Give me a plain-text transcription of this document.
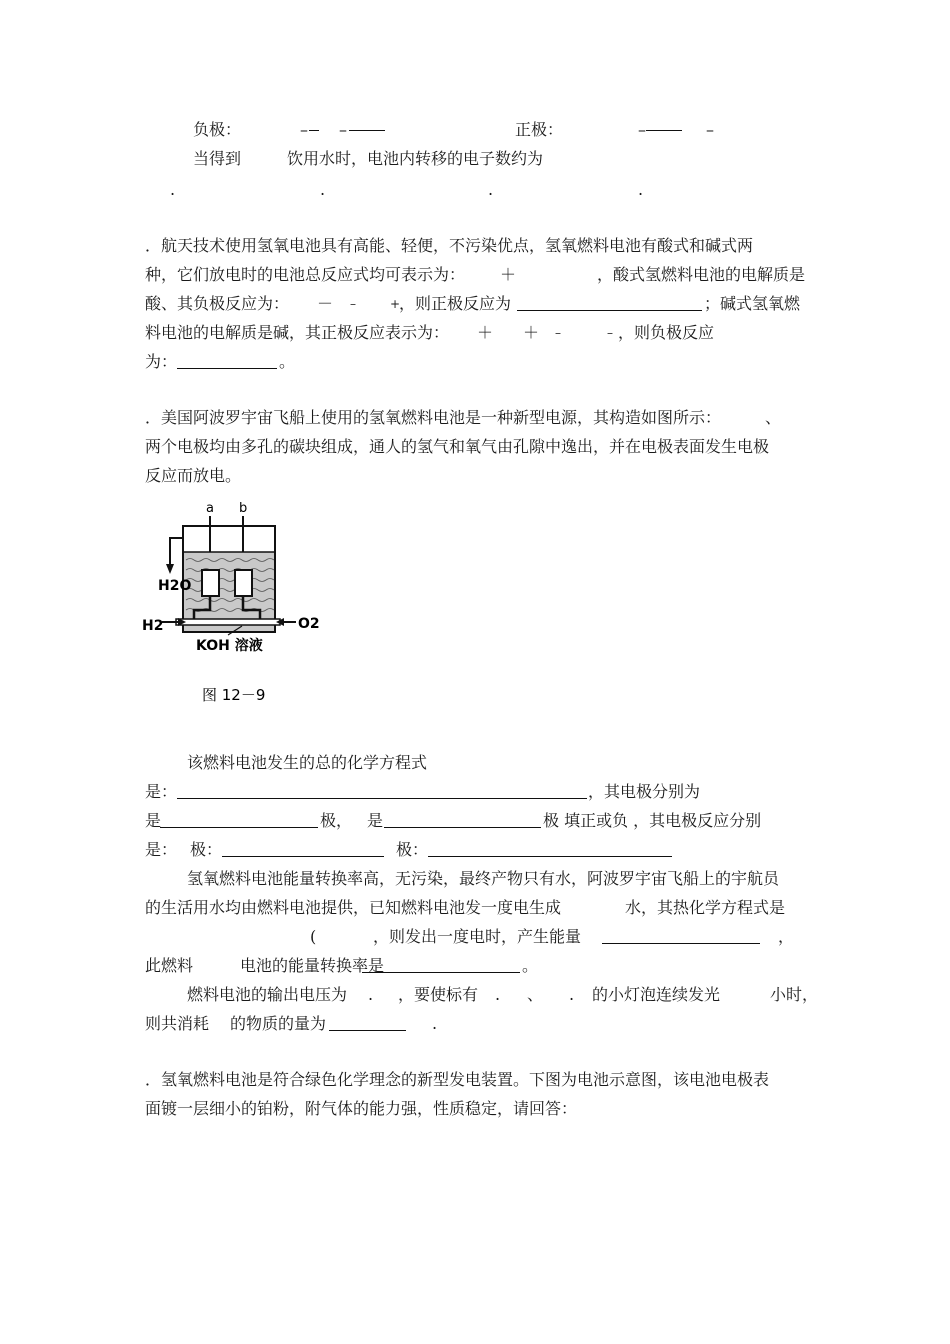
负极：	– –	正极：	–	–
当得到	饮用水时，电池内转移的电子数约为
.	.	.	.
．航天技术使用氢氧电池具有高能、轻便，不污染优点，氢氧燃料电池有酸式和碱式两
种，它们放电时的电池总反应式均可表示为： ＋	，酸式氢燃料电池的电解质是
酸、其负极反应为： － –	+
，则正极反应为	；碱式氢氧燃
料电池的电解质是碱，其正极反应表示为： ＋ ＋ –	– ，则负极反应
为：	。
．美国阿波罗宇宙飞船上使用的氢氧燃料电池是一种新型电源，其构造如图所示：	、
两个电极均由多孔的碳块组成，通人的氢气和氧气由孔隙中逸出，并在电极表面发生电极
反应而放电。
a b
H2O
H2	O2
KOH 溶液
图 12－9
该燃料电池发生的总的化学方程式
是：	，其电极分别为
是	极， 是	极 填正或负 ，其电极反应分别
是： 极：	极：
氢氧燃料电池能量转换率高，无污染，最终产物只有水，阿波罗宇宙飞船上的宇航员
的生活用水均由燃料电池提供，已知燃料电池发一度电生成	水，其热化学方程式是
(	，则发出一度电时，产生能量	，
此燃料	电池的能量转换率是	。
燃料电池的输出电压为 . ，要使标有 . 、 . 的小灯泡连续发光	小时，
则共消耗 的物质的量为	.
．氢氧燃料电池是符合绿色化学理念的新型发电装置。下图为电池示意图，该电池电极表
面镀一层细小的铂粉，附气体的能力强，性质稳定，请回答：
